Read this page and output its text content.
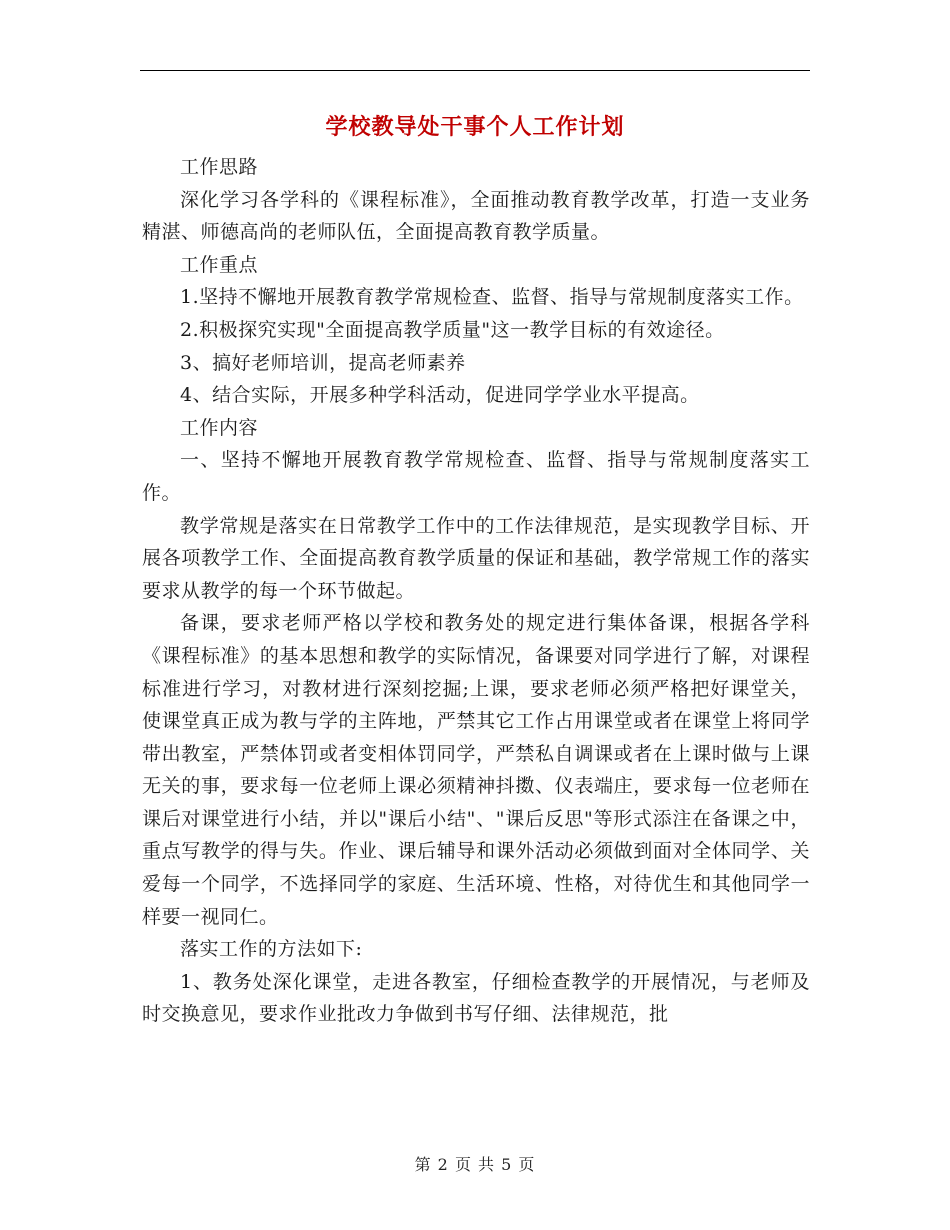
学校教导处干事个人工作计划

工作思路

深化学习各学科的《课程标准》，全面推动教育教学改革，打造一支业务精湛、师德高尚的老师队伍，全面提高教育教学质量。

工作重点

1.坚持不懈地开展教育教学常规检查、监督、指导与常规制度落实工作。

2.积极探究实现"全面提高教学质量"这一教学目标的有效途径。

3、搞好老师培训，提高老师素养

4、结合实际，开展多种学科活动，促进同学学业水平提高。

工作内容

一、坚持不懈地开展教育教学常规检查、监督、指导与常规制度落实工作。

教学常规是落实在日常教学工作中的工作法律规范，是实现教学目标、开展各项教学工作、全面提高教育教学质量的保证和基础，教学常规工作的落实要求从教学的每一个环节做起。

备课，要求老师严格以学校和教务处的规定进行集体备课，根据各学科《课程标准》的基本思想和教学的实际情况，备课要对同学进行了解，对课程标准进行学习，对教材进行深刻挖掘;上课，要求老师必须严格把好课堂关，使课堂真正成为教与学的主阵地，严禁其它工作占用课堂或者在课堂上将同学带出教室，严禁体罚或者变相体罚同学，严禁私自调课或者在上课时做与上课无关的事，要求每一位老师上课必须精神抖擞、仪表端庄，要求每一位老师在课后对课堂进行小结，并以"课后小结"、"课后反思"等形式添注在备课之中，重点写教学的得与失。作业、课后辅导和课外活动必须做到面对全体同学、关爱每一个同学，不选择同学的家庭、生活环境、性格，对待优生和其他同学一样要一视同仁。

落实工作的方法如下:

1、教务处深化课堂，走进各教室，仔细检查教学的开展情况，与老师及时交换意见，要求作业批改力争做到书写仔细、法律规范，批

第 2 页 共 5 页
